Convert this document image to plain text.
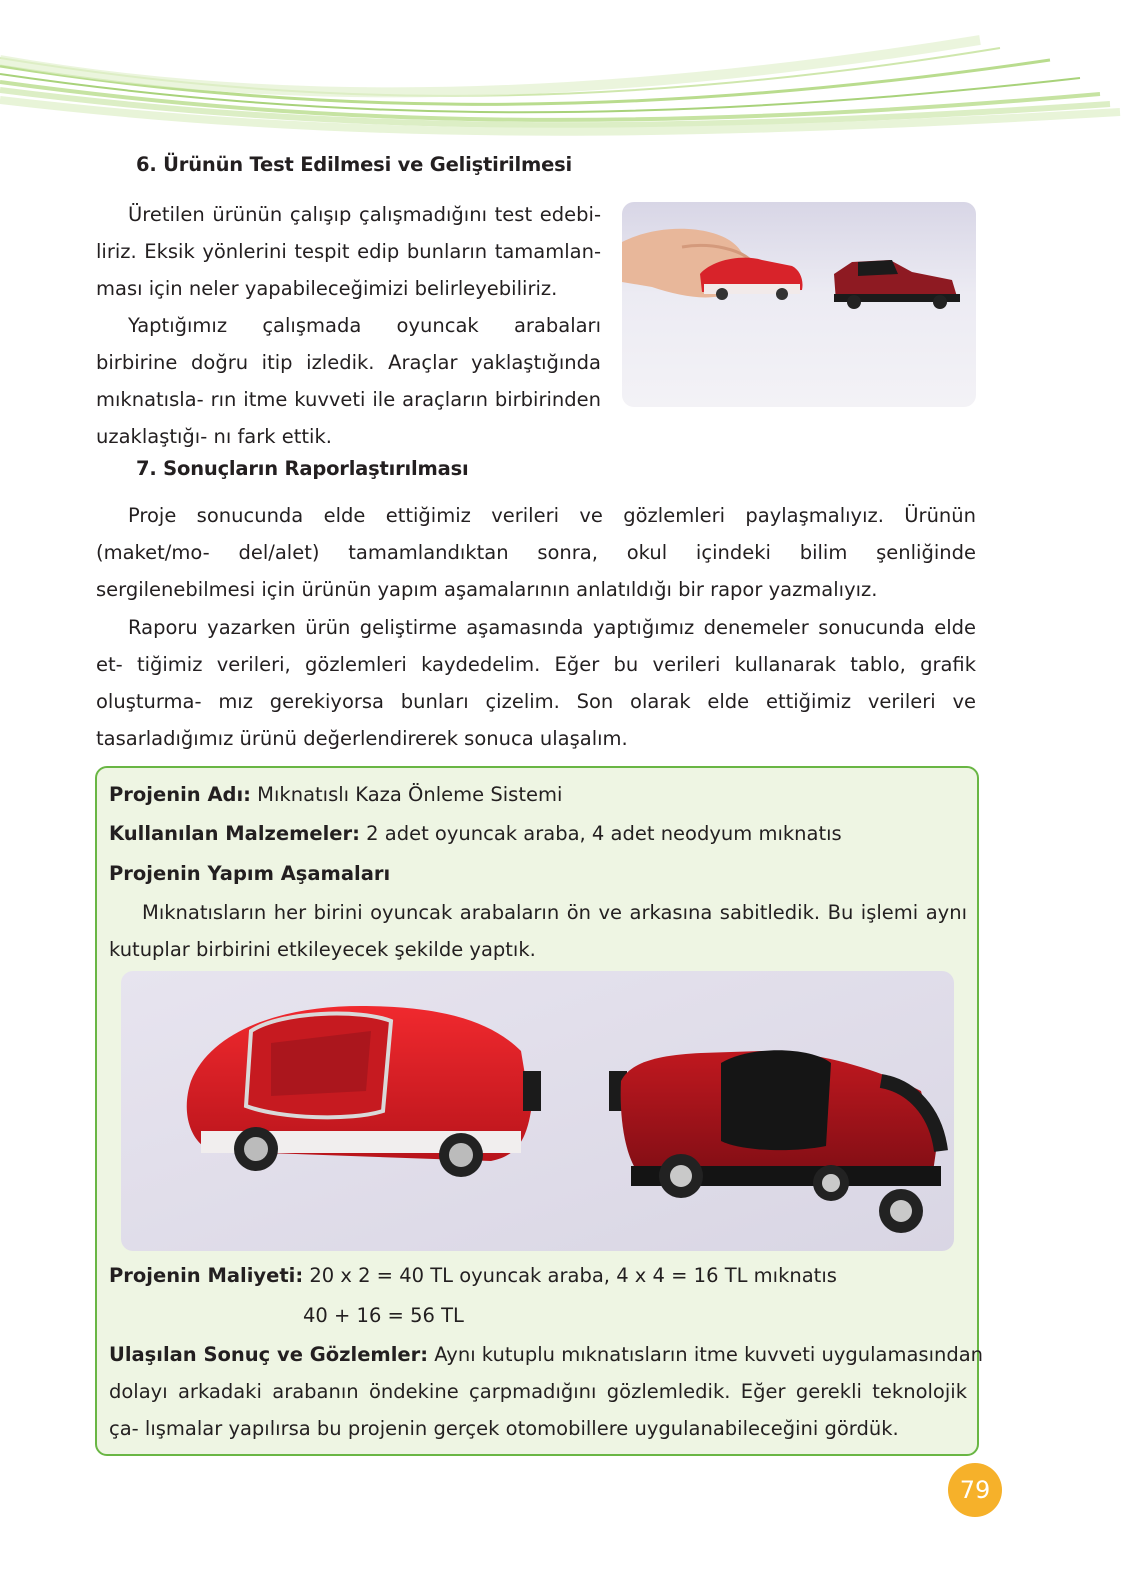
6. Ürünün Test Edilmesi ve Geliştirilmesi
Üretilen ürünün çalışıp çalışmadığını test edebi- liriz. Eksik yönlerini tespit edip bunların tamamlan- ması için neler yapabileceğimizi belirleyebiliriz.
Yaptığımız çalışmada oyuncak arabaları birbirine doğru itip izledik. Araçlar yaklaştığında mıknatısla- rın itme kuvveti ile araçların birbirinden uzaklaştığı- nı fark ettik.
7. Sonuçların Raporlaştırılması
Proje sonucunda elde ettiğimiz verileri ve gözlemleri paylaşmalıyız. Ürünün (maket/mo- del/alet) tamamlandıktan sonra, okul içindeki bilim şenliğinde sergilenebilmesi için ürünün yapım aşamalarının anlatıldığı bir rapor yazmalıyız.
Raporu yazarken ürün geliştirme aşamasında yaptığımız denemeler sonucunda elde et- tiğimiz verileri, gözlemleri kaydedelim. Eğer bu verileri kullanarak tablo, grafik oluşturma- mız gerekiyorsa bunları çizelim. Son olarak elde ettiğimiz verileri ve tasarladığımız ürünü değerlendirerek sonuca ulaşalım.

Projenin Adı: Mıknatıslı Kaza Önleme Sistemi

Kullanılan Malzemeler: 2 adet oyuncak araba, 4 adet neodyum mıknatıs

Projenin Yapım Aşamaları

Mıknatısların her birini oyuncak arabaların ön ve arkasına sabitledik. Bu işlemi aynı kutuplar birbirini etkileyecek şekilde yaptık.

Projenin Maliyeti: 20 x 2 = 40 TL oyuncak araba, 4 x 4 = 16 TL mıknatıs

40 + 16 = 56 TL

Ulaşılan Sonuç ve Gözlemler: Aynı kutuplu mıknatısların itme kuvveti uygulamasından

dolayı arkadaki arabanın öndekine çarpmadığını gözlemledik. Eğer gerekli teknolojik ça- lışmalar yapılırsa bu projenin gerçek otomobillere uygulanabileceğini gördük.

79
